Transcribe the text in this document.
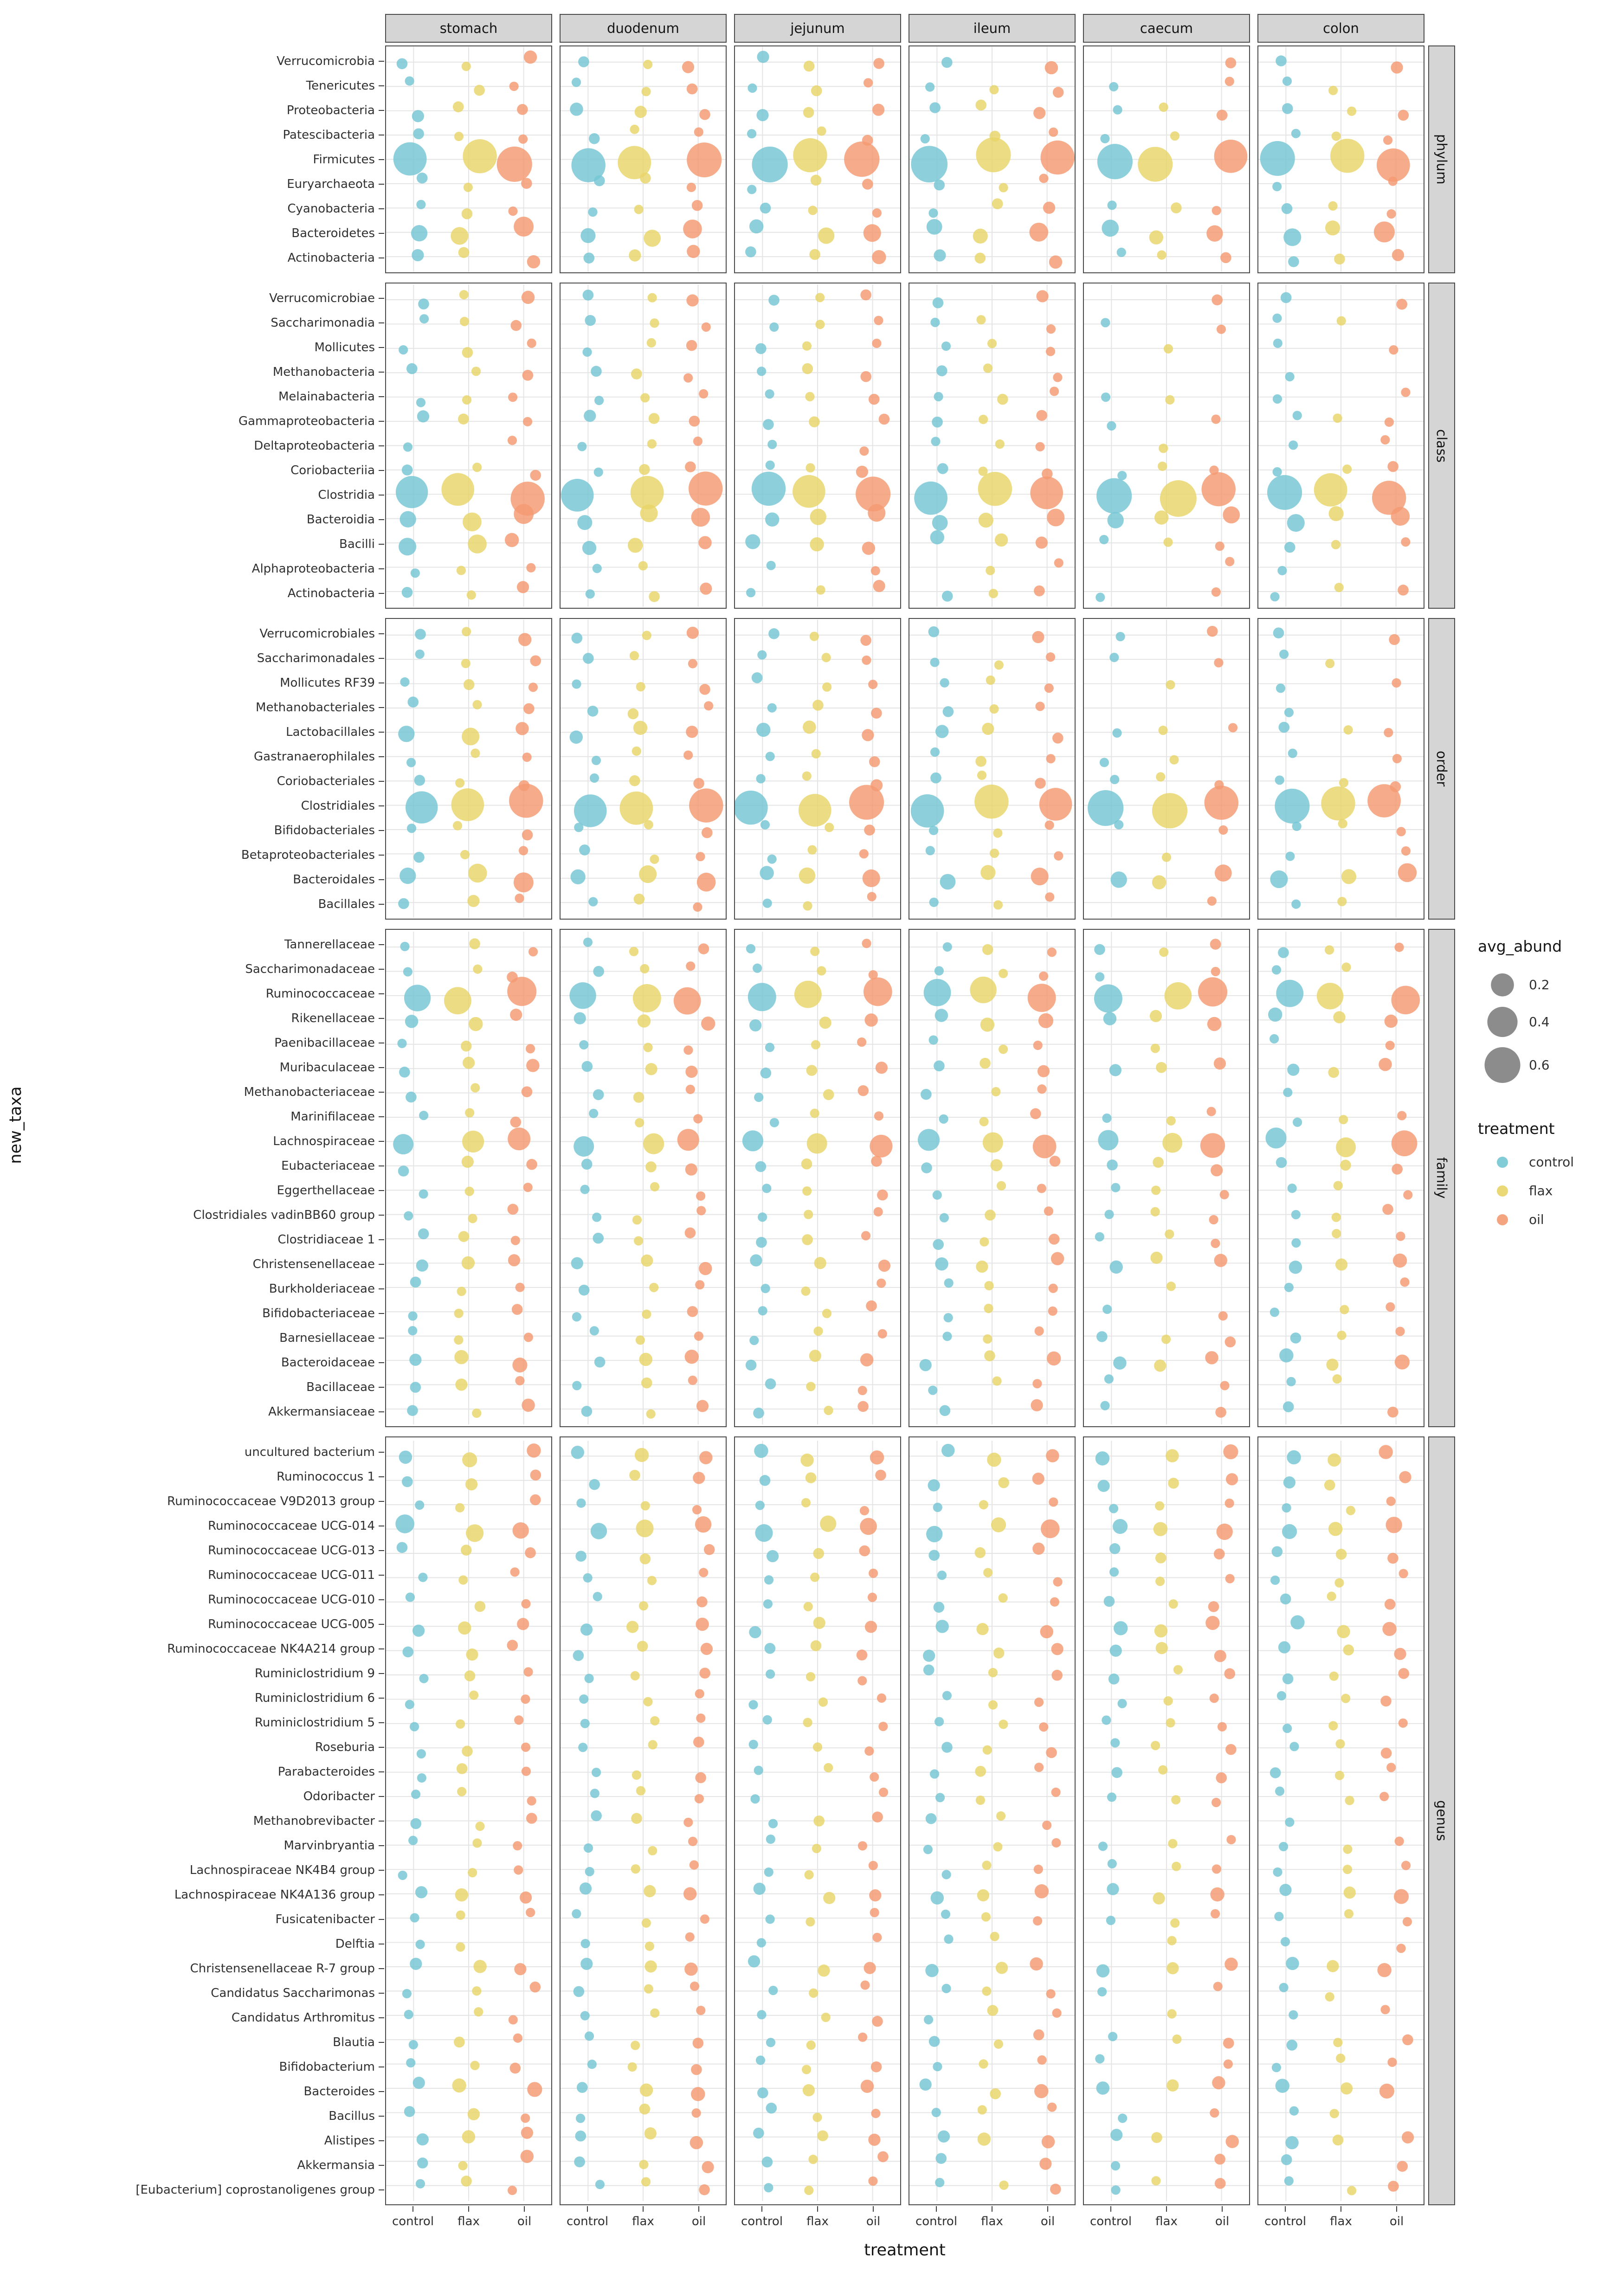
new_taxa
treatment
stomach	duodenum	jejunum	ileum	caecum	colon
phylum
Verrucomicrobia
Tenericutes
Proteobacteria
Patescibacteria
Firmicutes
Euryarchaeota
Cyanobacteria
Bacteroidetes
Actinobacteria
class
Verrucomicrobiae
Saccharimonadia
Mollicutes
Methanobacteria
Melainabacteria
Gammaproteobacteria
Deltaproteobacteria
Coriobacteriia
Clostridia
Bacteroidia
Bacilli
Alphaproteobacteria
Actinobacteria
order
Verrucomicrobiales
Saccharimonadales
Mollicutes RF39
Methanobacteriales
Lactobacillales
Gastranaerophilales
Coriobacteriales
Clostridiales
Bifidobacteriales
Betaproteobacteriales
Bacteroidales
Bacillales
family
Tannerellaceae
Saccharimonadaceae
Ruminococcaceae
Rikenellaceae
Paenibacillaceae
Muribaculaceae
Methanobacteriaceae
Marinifilaceae
Lachnospiraceae
Eubacteriaceae
Eggerthellaceae
Clostridiales vadinBB60 group
Clostridiaceae 1
Christensenellaceae
Burkholderiaceae
Bifidobacteriaceae
Barnesiellaceae
Bacteroidaceae
Bacillaceae
Akkermansiaceae
genus
uncultured bacterium
Ruminococcus 1
Ruminococcaceae V9D2013 group
Ruminococcaceae UCG-014
Ruminococcaceae UCG-013
Ruminococcaceae UCG-011
Ruminococcaceae UCG-010
Ruminococcaceae UCG-005
Ruminococcaceae NK4A214 group
Ruminiclostridium 9
Ruminiclostridium 6
Ruminiclostridium 5
Roseburia
Parabacteroides
Odoribacter
Methanobrevibacter
Marvinbryantia
Lachnospiraceae NK4B4 group
Lachnospiraceae NK4A136 group
Fusicatenibacter
Delftia
Christensenellaceae R-7 group
Candidatus Saccharimonas
Candidatus Arthromitus
Blautia
Bifidobacterium
Bacteroides
Bacillus
Alistipes
Akkermansia
[Eubacterium] coprostanoligenes group
control flax	oil	control flax	oil	control flax	oil	control flax	oil	control flax	oil	control flax	oil
avg_abund
0.2
0.4
0.6
treatment
control
flax
oil
